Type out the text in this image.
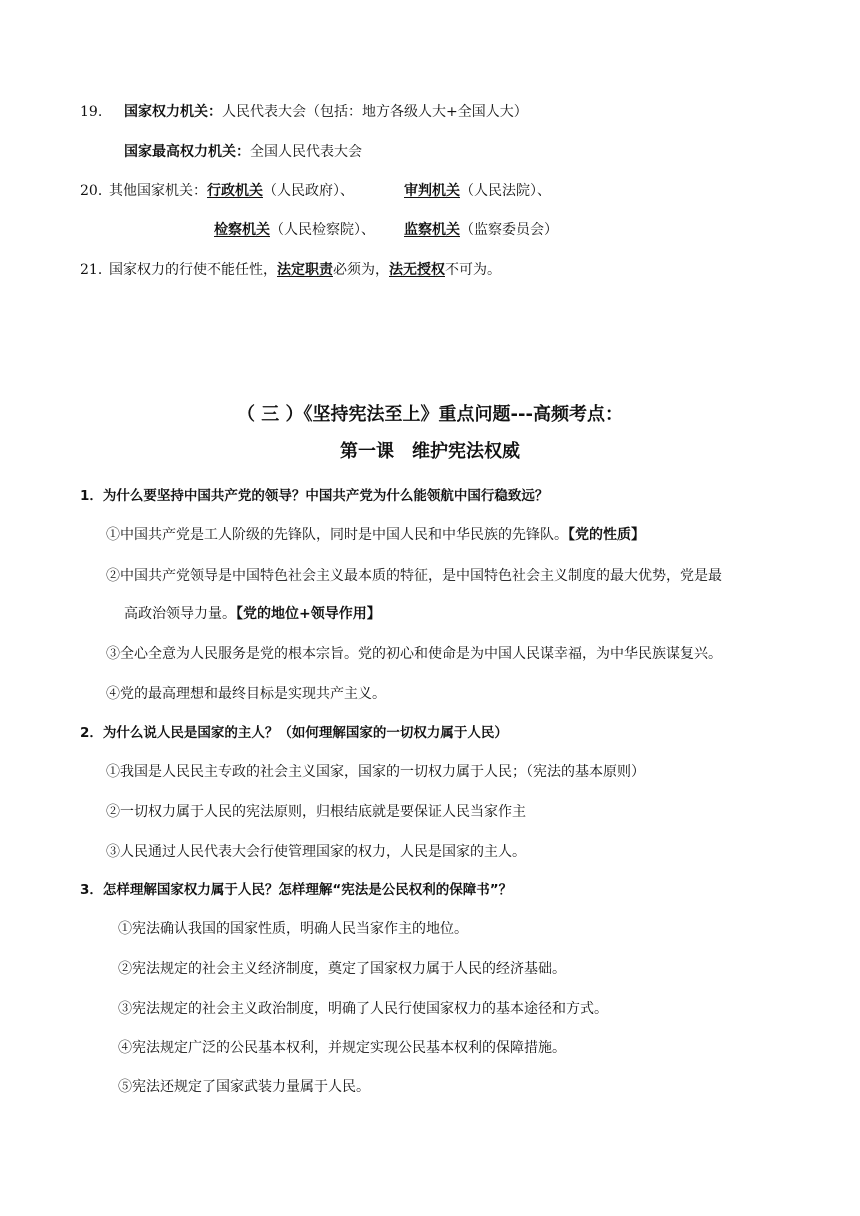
19. 国家权力机关：人民代表大会（包括：地方各级人大+全国人大）

国家最高权力机关：全国人民代表大会

20．其他国家机关：行政机关（人民政府）、	审判机关（人民法院）、

检察机关（人民检察院）、 监察机关（监察委员会）

21．国家权力的行使不能任性，法定职责必须为，法无授权不可为。

（ 三 ）《坚持宪法至上》重点问题---高频考点：
第一课　维护宪法权威

1．为什么要坚持中国共产党的领导？中国共产党为什么能领航中国行稳致远？

①中国共产党是工人阶级的先锋队，同时是中国人民和中华民族的先锋队。【党的性质】

②中国共产党领导是中国特色社会主义最本质的特征，是中国特色社会主义制度的最大优势，党是最

高政治领导力量。【党的地位+领导作用】

③全心全意为人民服务是党的根本宗旨。党的初心和使命是为中国人民谋幸福，为中华民族谋复兴。

④党的最高理想和最终目标是实现共产主义。

2．为什么说人民是国家的主人？（如何理解国家的一切权力属于人民）

①我国是人民民主专政的社会主义国家，国家的一切权力属于人民；（宪法的基本原则）

②一切权力属于人民的宪法原则，归根结底就是要保证人民当家作主

③人民通过人民代表大会行使管理国家的权力，人民是国家的主人。

3．怎样理解国家权力属于人民？怎样理解“宪法是公民权利的保障书”？

①宪法确认我国的国家性质，明确人民当家作主的地位。

②宪法规定的社会主义经济制度，奠定了国家权力属于人民的经济基础。

③宪法规定的社会主义政治制度，明确了人民行使国家权力的基本途径和方式。

④宪法规定广泛的公民基本权利，并规定实现公民基本权利的保障措施。

⑤宪法还规定了国家武装力量属于人民。
